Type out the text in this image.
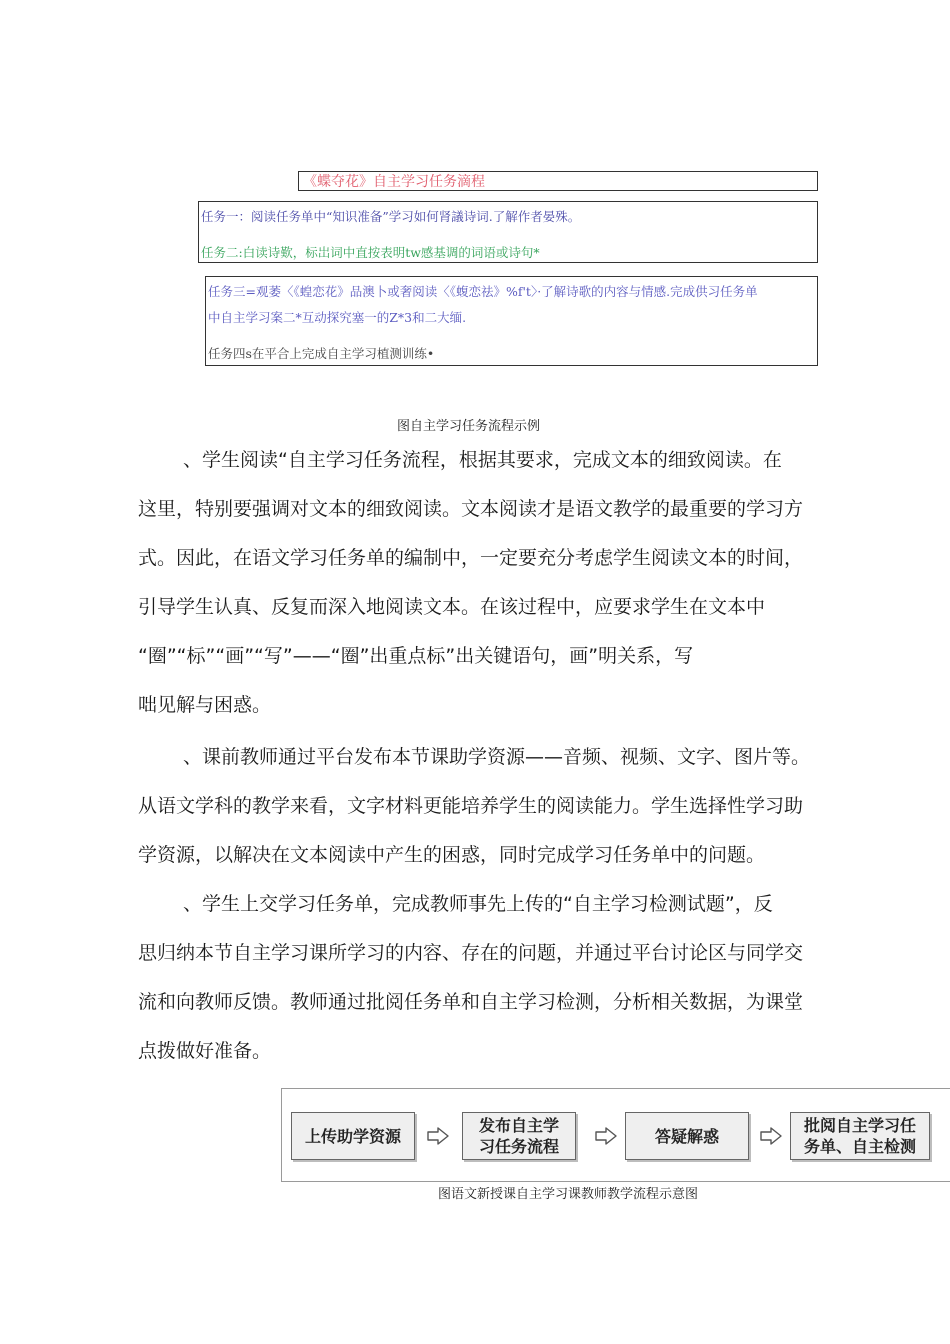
《蝶夺花》自主学习任务滴程
任务一：阅读任务单中“知识准备”学习如何肾議诗词.了解作者晏殊。
任务二:白读诗歎，标岀词中直按表明tw感基调的词语或诗句*
任务三=观萎〈《蝗恋花》品澳卜或奢阅读〈《蝮恋祛》%f't〉·了解诗歌的内容与情感.完成供习任务单
中自主学习案二*互动探究塞一的Z*3和二大缅.
任务四s在平合上完成自主学习植测训练•
图自主学习任务流程示例
、学生阅读“自主学习任务流程，根据其要求，完成文本的细致阅读。在
这里，特别要强调对文本的细致阅读。文本阅读才是语文教学的最重要的学习方
式。因此，在语文学习任务单的编制中，一定要充分考虑学生阅读文本的时间，
引导学生认真、反复而深入地阅读文本。在该过程中，应要求学生在文本中
“圈”“标”“画”“写”——“圈”出重点标”出关键语句，画”明关系，写
咄见解与困惑。
、课前教师通过平台发布本节课助学资源——音频、视频、文字、图片等。
从语文学科的教学来看，文字材料更能培养学生的阅读能力。学生选择性学习助
学资源，以解决在文本阅读中产生的困惑，同时完成学习任务单中的问题。
、学生上交学习任务单，完成教师事先上传的“自主学习检测试题”，反
思归纳本节自主学习课所学习的内容、存在的问题，并通过平台讨论区与同学交
流和向教师反馈。教师通过批阅任务单和自主学习检测，分析相关数据，为课堂
点拨做好准备。
上传助学资源

发布自主学
习任务流程
答疑解惑

批阅自主学习任
务单、自主检测
图语文新授课自主学习课教师教学流程示意图
